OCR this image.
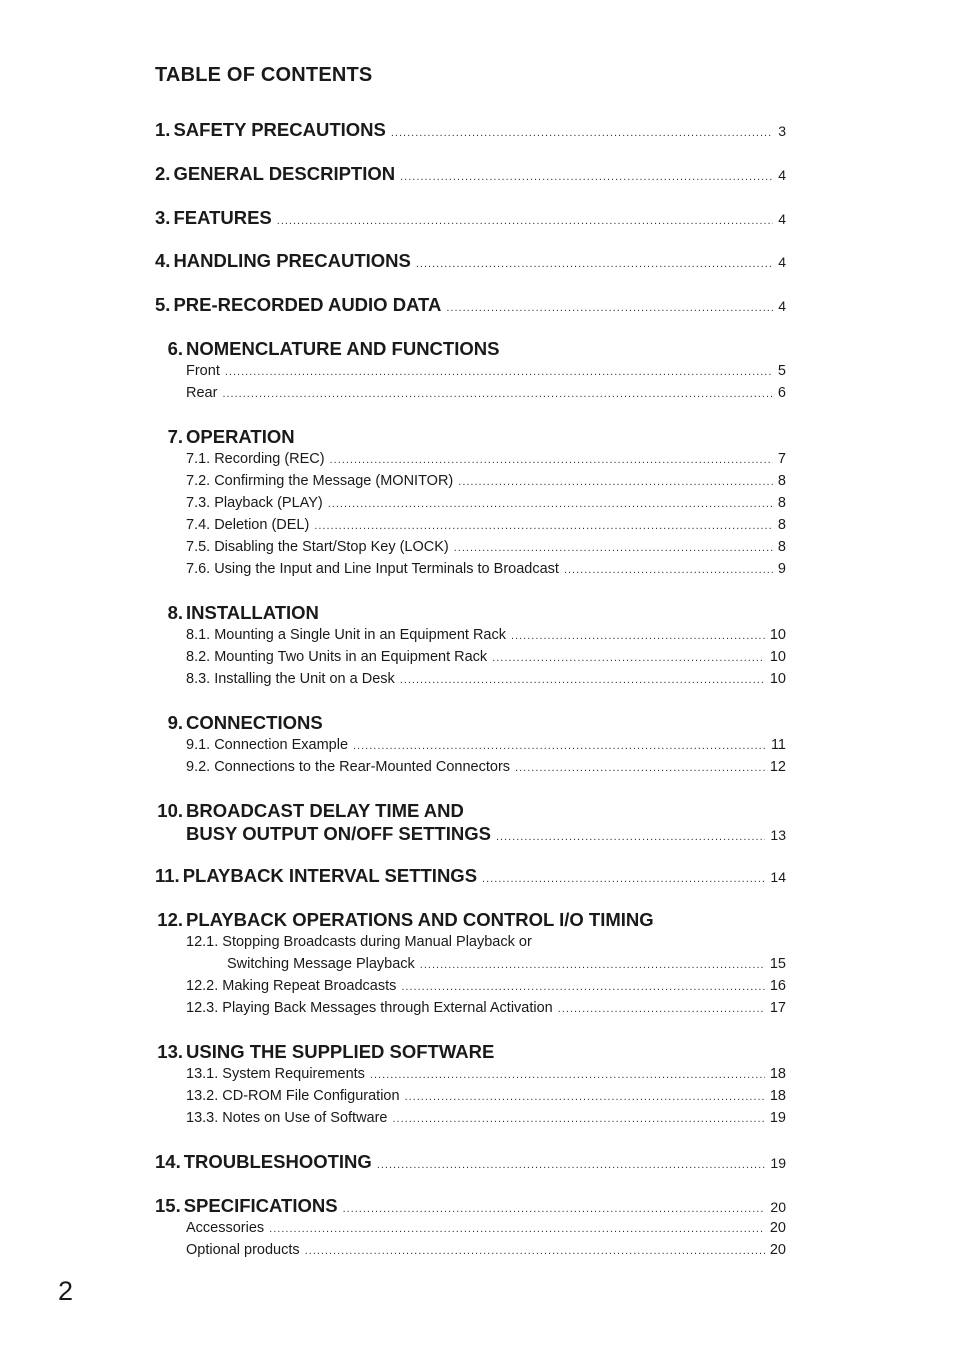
TABLE OF CONTENTS
1. SAFETY PRECAUTIONS .....	3
2. GENERAL DESCRIPTION .....	4
3. FEATURES .....	4
4. HANDLING PRECAUTIONS .....	4
5. PRE-RECORDED AUDIO DATA .....	4
6. NOMENCLATURE AND FUNCTIONS
Front .....	5
Rear .....	6
7. OPERATION
7.1. Recording (REC) .....	7
7.2. Confirming the Message (MONITOR) .....	8
7.3. Playback (PLAY) .....	8
7.4. Deletion (DEL) .....	8
7.5. Disabling the Start/Stop Key (LOCK) .....	8
7.6. Using the Input and Line Input Terminals to Broadcast .....	9
8. INSTALLATION
8.1. Mounting a Single Unit in an Equipment Rack .....	10
8.2. Mounting Two Units in an Equipment Rack .....	10
8.3. Installing the Unit on a Desk .....	10
9. CONNECTIONS
9.1. Connection Example .....	11
9.2. Connections to the Rear-Mounted Connectors .....	12
10. BROADCAST DELAY TIME AND
BUSY OUTPUT ON/OFF SETTINGS .....	13
11. PLAYBACK INTERVAL SETTINGS .....	14
12. PLAYBACK OPERATIONS AND CONTROL I/O TIMING
12.1. Stopping Broadcasts during Manual Playback or
Switching Message Playback .....	15
12.2. Making Repeat Broadcasts .....	16
12.3. Playing Back Messages through External Activation .....	17
13. USING THE SUPPLIED SOFTWARE
13.1. System Requirements .....	18
13.2. CD-ROM File Configuration .....	18
13.3. Notes on Use of Software .....	19
14. TROUBLESHOOTING .....	19
15. SPECIFICATIONS .....	20
Accessories .....	20
Optional products .....	20
2
